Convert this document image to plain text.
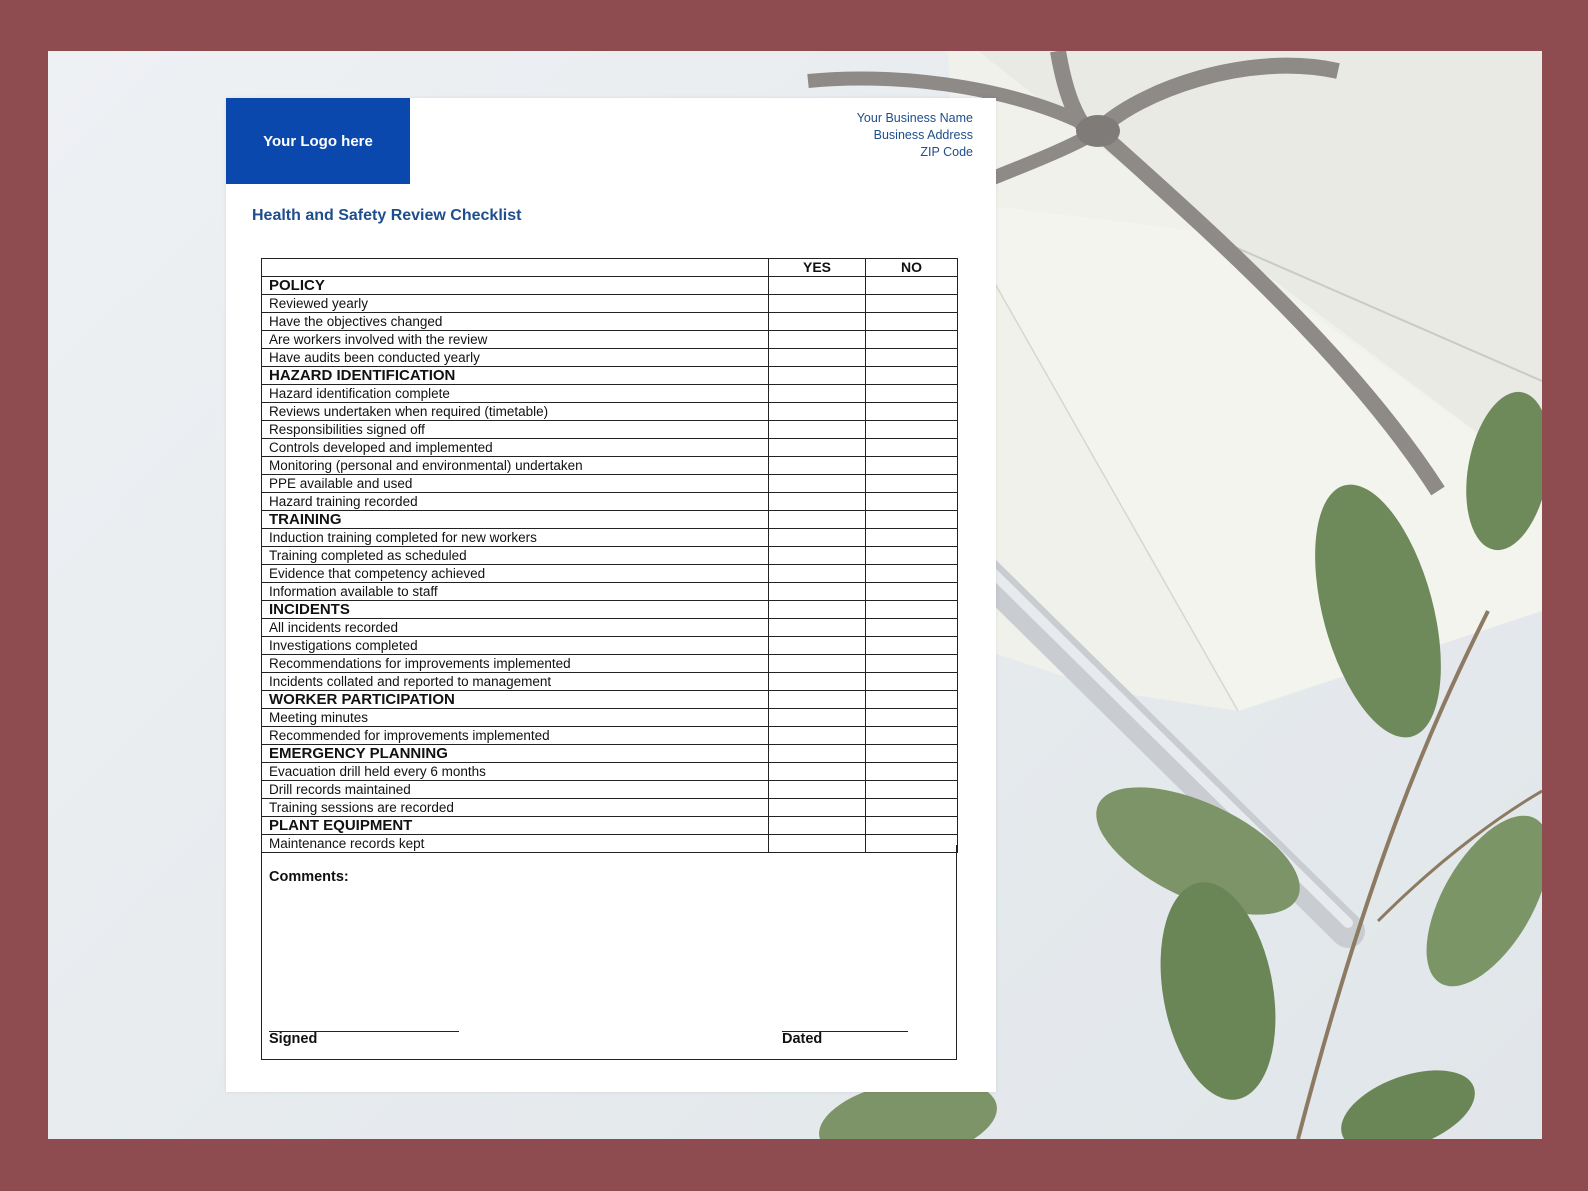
Your Logo here
Your Business Name
Business Address
ZIP Code
Health and Safety Review Checklist
	YES	NO
POLICY		
Reviewed yearly		
Have the objectives changed		
Are workers involved with the review		
Have audits been conducted yearly		
HAZARD IDENTIFICATION		
Hazard identification complete		
Reviews undertaken when required (timetable)		
Responsibilities signed off		
Controls developed and implemented		
Monitoring (personal and environmental) undertaken		
PPE available and used		
Hazard training recorded		
TRAINING		
Induction training completed for new workers		
Training completed as scheduled		
Evidence that competency achieved		
Information available to staff		
INCIDENTS		
All incidents recorded		
Investigations completed		
Recommendations for improvements implemented		
Incidents collated and reported to management		
WORKER PARTICIPATION		
Meeting minutes		
Recommended for improvements implemented		
EMERGENCY PLANNING		
Evacuation drill held every 6 months		
Drill records maintained		
Training sessions are recorded		
PLANT EQUIPMENT		
Maintenance records kept		
Comments:
Signed	Dated
